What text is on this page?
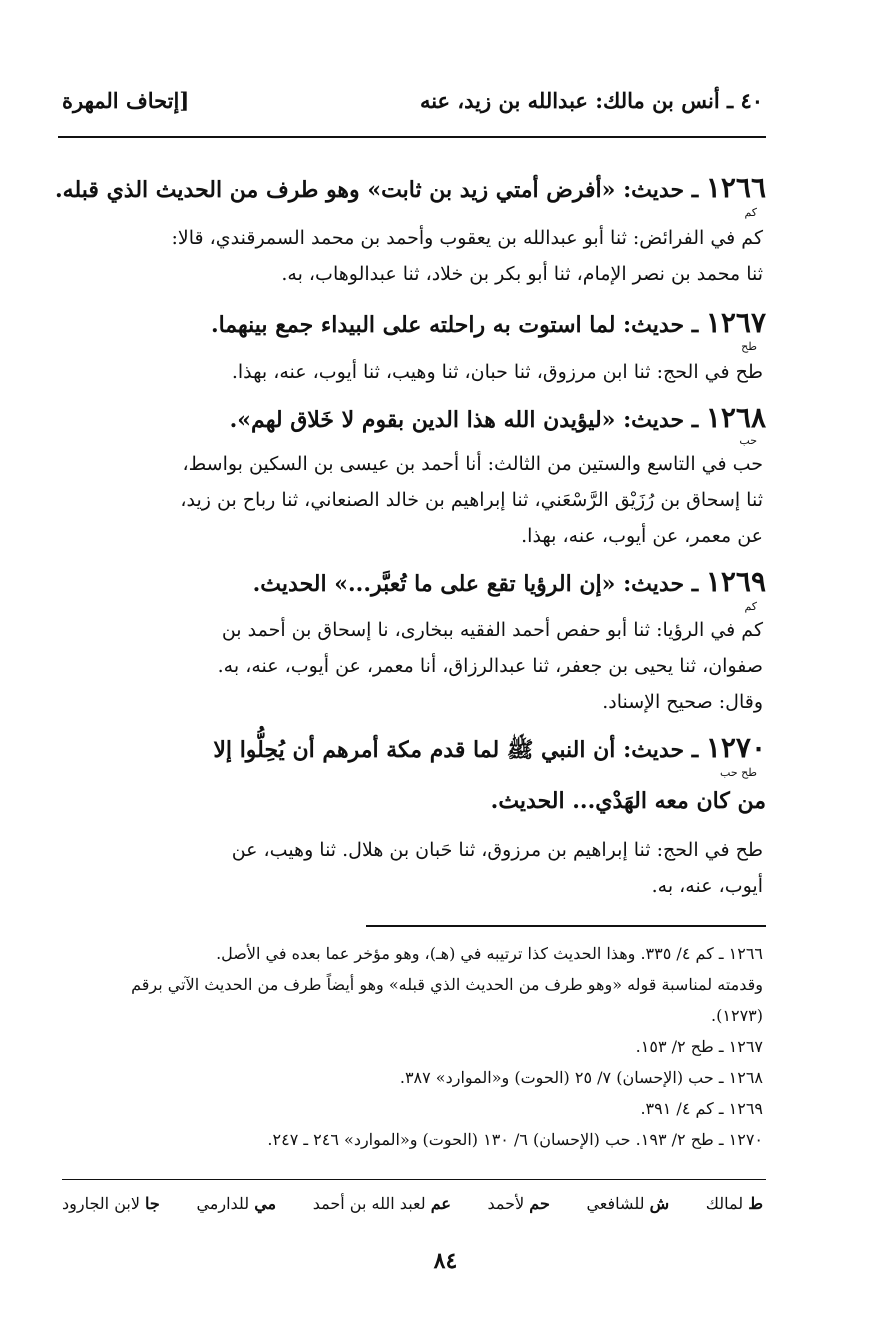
٤٠ ـ أنس بن مالك: عبدالله بن زيد، عنه
[إتحاف المهرة
١٢٦٦ ـ حديث: «أفرض أمتي زيد بن ثابت» وهو طرف من الحديث الذي قبله.
كم
كم في الفرائض: ثنا أبو عبدالله بن يعقوب وأحمد بن محمد السمرقندي، قالا:
ثنا محمد بن نصر الإمام، ثنا أبو بكر بن خلاد، ثنا عبدالوهاب، به.
١٢٦٧ ـ حديث: لما استوت به راحلته على البيداء جمع بينهما.
طح
طح في الحج: ثنا ابن مرزوق، ثنا حبان، ثنا وهيب، ثنا أيوب، عنه، بهذا.
١٢٦٨ ـ حديث: «ليؤيدن الله هذا الدين بقوم لا خَلاق لهم».
حب
حب في التاسع والستين من الثالث: أنا أحمد بن عيسى بن السكين بواسط،
ثنا إسحاق بن رُزَيْق الرَّسْعَني، ثنا إبراهيم بن خالد الصنعاني، ثنا رباح بن زيد،
عن معمر، عن أيوب، عنه، بهذا.
١٢٦٩ ـ حديث: «إن الرؤيا تقع على ما تُعبَّر...» الحديث.
كم
كم في الرؤيا: ثنا أبو حفص أحمد الفقيه ببخارى، نا إسحاق بن أحمد بن
صفوان، ثنا يحيى بن جعفر، ثنا عبدالرزاق، أنا معمر، عن أيوب، عنه، به.
وقال: صحيح الإسناد.
١٢٧٠ ـ حديث: أن النبي ﷺ لما قدم مكة أمرهم أن يُحِلُّوا إلا
طح حب
من كان معه الهَدْي... الحديث.
طح في الحج: ثنا إبراهيم بن مرزوق، ثنا حَبان بن هلال. ثنا وهيب، عن
أيوب، عنه، به.
١٢٦٦ ـ كم ٤/ ٣٣٥. وهذا الحديث كذا ترتيبه في (هـ)، وهو مؤخر عما بعده في الأصل.
وقدمته لمناسبة قوله «وهو طرف من الحديث الذي قبله» وهو أيضاً طرف من الحديث الآتي برقم
(١٢٧٣).
١٢٦٧ ـ طح ٢/ ١٥٣.
١٢٦٨ ـ حب (الإحسان) ٧/ ٢٥ (الحوت) و«الموارد» ٣٨٧.
١٢٦٩ ـ كم ٤/ ٣٩١.
١٢٧٠ ـ طح ٢/ ١٩٣. حب (الإحسان) ٦/ ١٣٠ (الحوت) و«الموارد» ٢٤٦ ـ ٢٤٧.
ط لمالك
ش للشافعي
حم لأحمد
عم لعبد الله بن أحمد
مي للدارمي
جا لابن الجارود
٨٤
